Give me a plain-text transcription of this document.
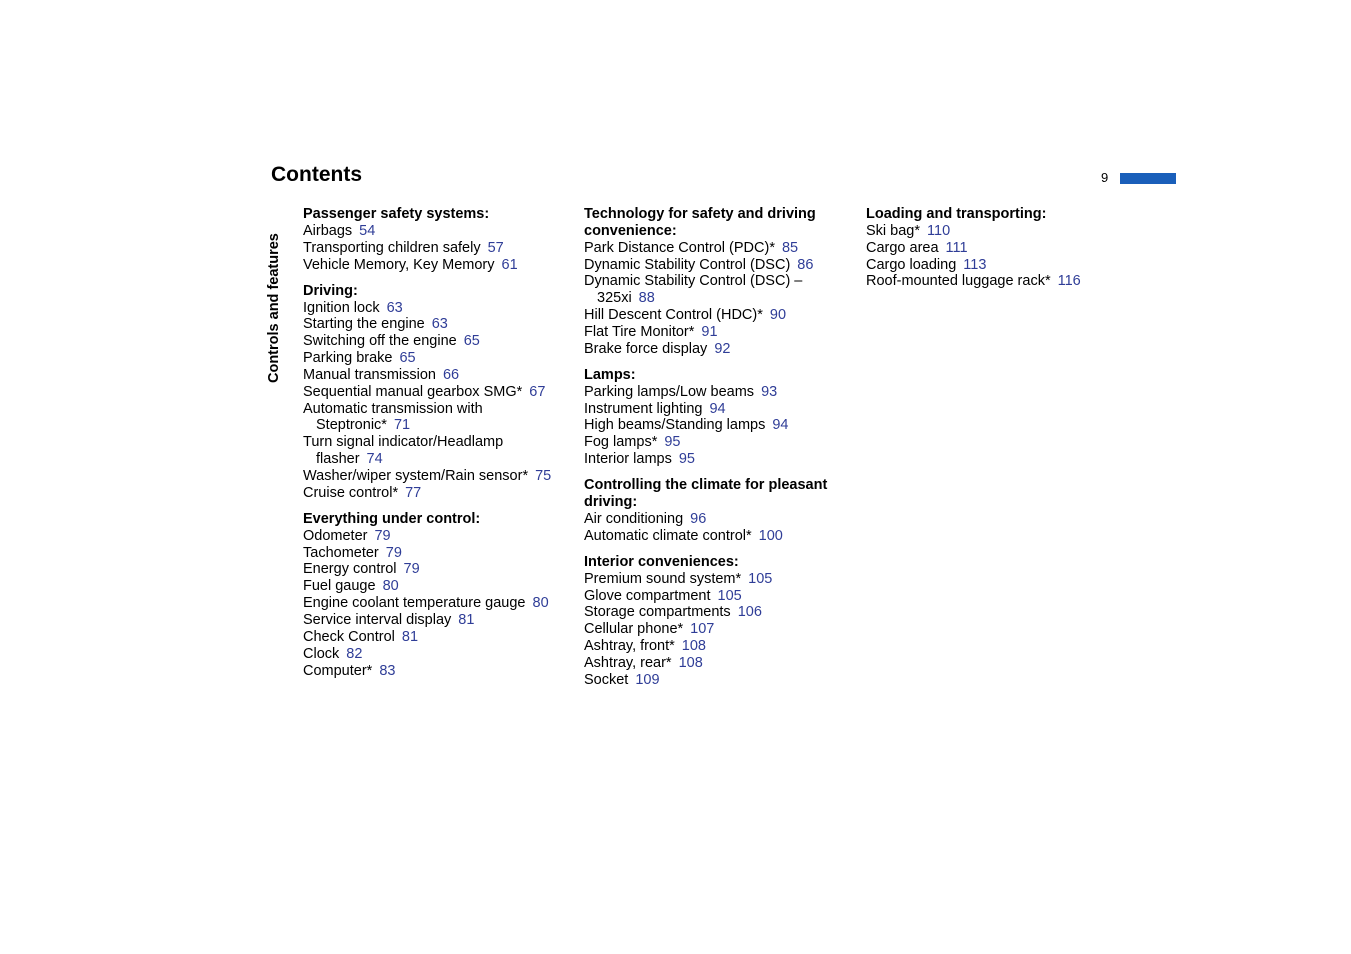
Contents	9
Controls and features
Passenger safety systems:
Airbags 54
Transporting children safely 57
Vehicle Memory, Key Memory 61
Driving:
Ignition lock 63
Starting the engine 63
Switching off the engine 65
Parking brake 65
Manual transmission 66
Sequential manual gearbox SMG* 67
Automatic transmission with Steptronic* 71
Turn signal indicator/Headlamp flasher 74
Washer/wiper system/Rain sensor* 75
Cruise control* 77
Everything under control:
Odometer 79
Tachometer 79
Energy control 79
Fuel gauge 80
Engine coolant temperature gauge 80
Service interval display 81
Check Control 81
Clock 82
Computer* 83
Technology for safety and driving convenience:
Park Distance Control (PDC)* 85
Dynamic Stability Control (DSC) 86
Dynamic Stability Control (DSC) – 325xi 88
Hill Descent Control (HDC)* 90
Flat Tire Monitor* 91
Brake force display 92
Lamps:
Parking lamps/Low beams 93
Instrument lighting 94
High beams/Standing lamps 94
Fog lamps* 95
Interior lamps 95
Controlling the climate for pleasant driving:
Air conditioning 96
Automatic climate control* 100
Interior conveniences:
Premium sound system* 105
Glove compartment 105
Storage compartments 106
Cellular phone* 107
Ashtray, front* 108
Ashtray, rear* 108
Socket 109
Loading and transporting:
Ski bag* 110
Cargo area 111
Cargo loading 113
Roof-mounted luggage rack* 116
